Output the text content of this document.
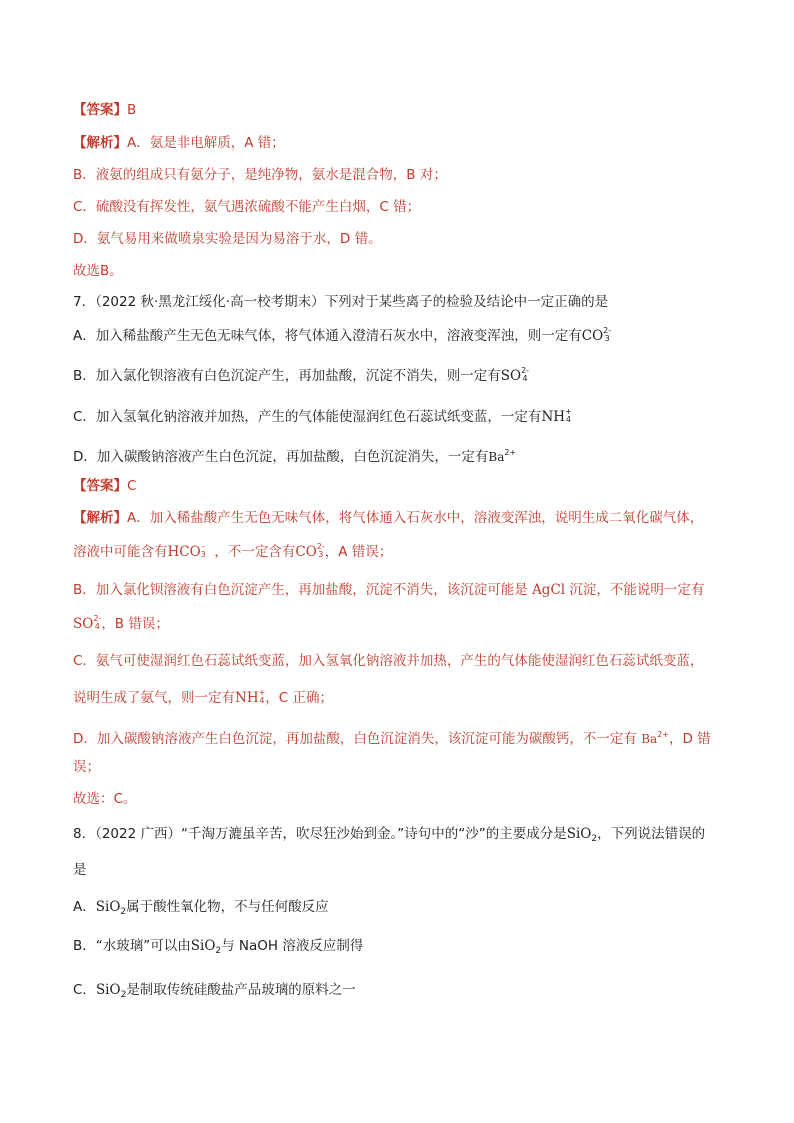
【答案】B
【解析】A．氨是非电解质，A 错；
B．液氨的组成只有氨分子，是纯净物，氨水是混合物，B 对；
C．硫酸没有挥发性，氨气遇浓硫酸不能产生白烟，C 错；
D．氨气易用来做喷泉实验是因为易溶于水，D 错。
故选B。
7．（2022 秋·黑龙江绥化·高一校考期末）下列对于某些离子的检验及结论中一定正确的是
A．加入稀盐酸产生无色无味气体，将气体通入澄清石灰水中，溶液变浑浊，则一定有CO 2-
3
B．加入氯化钡溶液有白色沉淀产生，再加盐酸，沉淀不消失，则一定有SO 2-
4
C．加入氢氧化钠溶液并加热，产生的气体能使湿润红色石蕊试纸变蓝，一定有NH +
4
D．加入碳酸钠溶液产生白色沉淀，再加盐酸，白色沉淀消失，一定有$Ba^{2+}$
【答案】C
【解析】A．加入稀盐酸产生无色无味气体，将气体通入石灰水中，溶液变浑浊，说明生成二氧化碳气体，
溶液中可能含有HCO -
3 ，不一定含有CO 2-
3 ，A 错误；
B．加入氯化钡溶液有白色沉淀产生，再加盐酸，沉淀不消失，该沉淀可能是 AgCl 沉淀，不能说明一定有
SO 2-
4 ，B 错误；
C．氨气可使湿润红色石蕊试纸变蓝，加入氢氧化钠溶液并加热，产生的气体能使湿润红色石蕊试纸变蓝，
说明生成了氨气，则一定有NH +
4 ，C 正确；
D．加入碳酸钠溶液产生白色沉淀，再加盐酸，白色沉淀消失，该沉淀可能为碳酸钙，不一定有 $Ba^{2+}$，D 错
误；
故选：C。
8．（2022 广西）“千淘万漉虽辛苦，吹尽狂沙始到金。”诗句中的“沙”的主要成分是SiO$_2$，下列说法错误的
是
A．SiO$_2$属于酸性氧化物，不与任何酸反应
B．“水玻璃”可以由SiO$_2$与 NaOH 溶液反应制得
C．SiO$_2$是制取传统硅酸盐产品玻璃的原料之一
